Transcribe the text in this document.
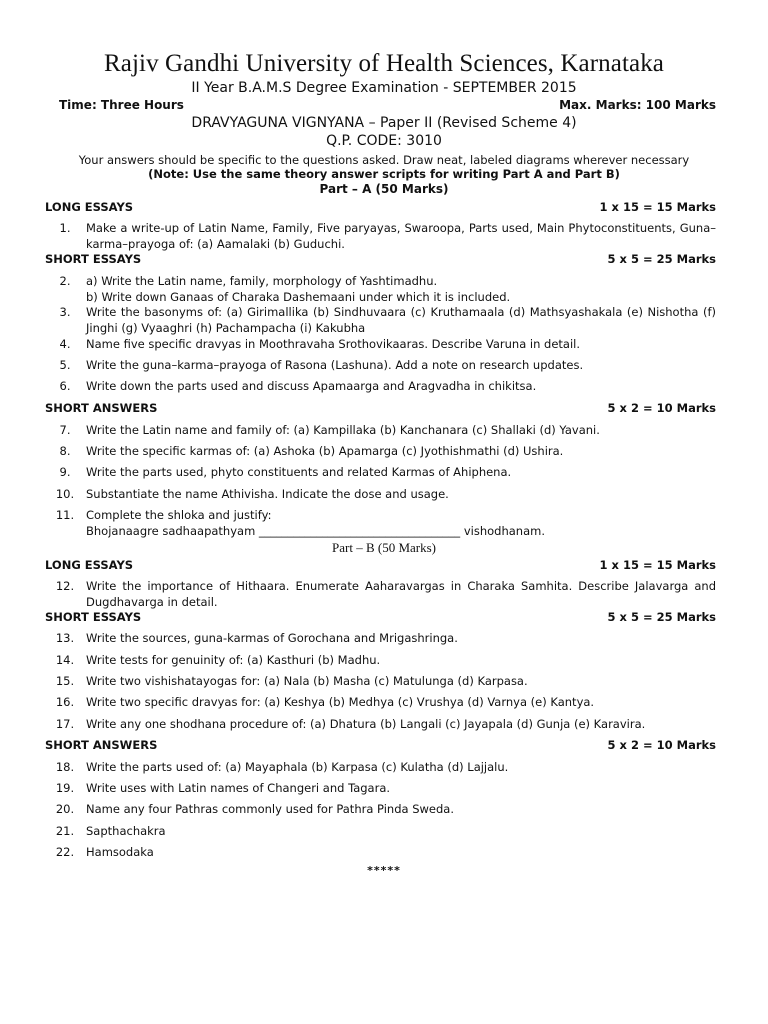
Rajiv Gandhi University of Health Sciences, Karnataka
II Year B.A.M.S Degree Examination - SEPTEMBER 2015
Time: Three Hours	Max. Marks: 100 Marks
DRAVYAGUNA VIGNYANA – Paper II (Revised Scheme 4)
Q.P. CODE: 3010
Your answers should be specific to the questions asked. Draw neat, labeled diagrams wherever necessary
(Note: Use the same theory answer scripts for writing Part A and Part B)
Part – A (50 Marks)
LONG ESSAYS	1 x 15 = 15 Marks
1.	Make a write-up of Latin Name, Family, Five paryayas, Swaroopa, Parts used, Main Phytoconstituents, Guna–karma–prayoga of: (a) Aamalaki (b) Guduchi.
SHORT ESSAYS	5 x 5 = 25 Marks
2.	a) Write the Latin name, family, morphology of Yashtimadhu.
b) Write down Ganaas of Charaka Dashemaani under which it is included.
3.	Write the basonyms of: (a) Girimallika (b) Sindhuvaara (c) Kruthamaala (d) Mathsyashakala (e) Nishotha (f) Jinghi (g) Vyaaghri (h) Pachampacha (i) Kakubha
4.	Name five specific dravyas in Moothravaha Srothovikaaras. Describe Varuna in detail.
5.	Write the guna–karma–prayoga of Rasona (Lashuna). Add a note on research updates.
6.	Write down the parts used and discuss Apamaarga and Aragvadha in chikitsa.
SHORT ANSWERS	5 x 2 = 10 Marks
7.	Write the Latin name and family of: (a) Kampillaka (b) Kanchanara (c) Shallaki (d) Yavani.
8.	Write the specific karmas of: (a) Ashoka (b) Apamarga (c) Jyothishmathi (d) Ushira.
9.	Write the parts used, phyto constituents and related Karmas of Ahiphena.
10.	Substantiate the name Athivisha. Indicate the dose and usage.
11.	Complete the shloka and justify:
Bhojanaagre sadhaapathyam ___________________________________ vishodhanam.
Part – B (50 Marks)
LONG ESSAYS	1 x 15 = 15 Marks
12.	Write the importance of Hithaara. Enumerate Aaharavargas in Charaka Samhita. Describe Jalavarga and Dugdhavarga in detail.
SHORT ESSAYS	5 x 5 = 25 Marks
13.	Write the sources, guna-karmas of Gorochana and Mrigashringa.
14.	Write tests for genuinity of: (a) Kasthuri (b) Madhu.
15.	Write two vishishatayogas for: (a) Nala (b) Masha (c) Matulunga (d) Karpasa.
16.	Write two specific dravyas for: (a) Keshya (b) Medhya (c) Vrushya (d) Varnya (e) Kantya.
17.	Write any one shodhana procedure of: (a) Dhatura (b) Langali (c) Jayapala (d) Gunja (e) Karavira.
SHORT ANSWERS	5 x 2 = 10 Marks
18.	Write the parts used of: (a) Mayaphala (b) Karpasa (c) Kulatha (d) Lajjalu.
19.	Write uses with Latin names of Changeri and Tagara.
20.	Name any four Pathras commonly used for Pathra Pinda Sweda.
21.	Sapthachakra
22.	Hamsodaka
*****
